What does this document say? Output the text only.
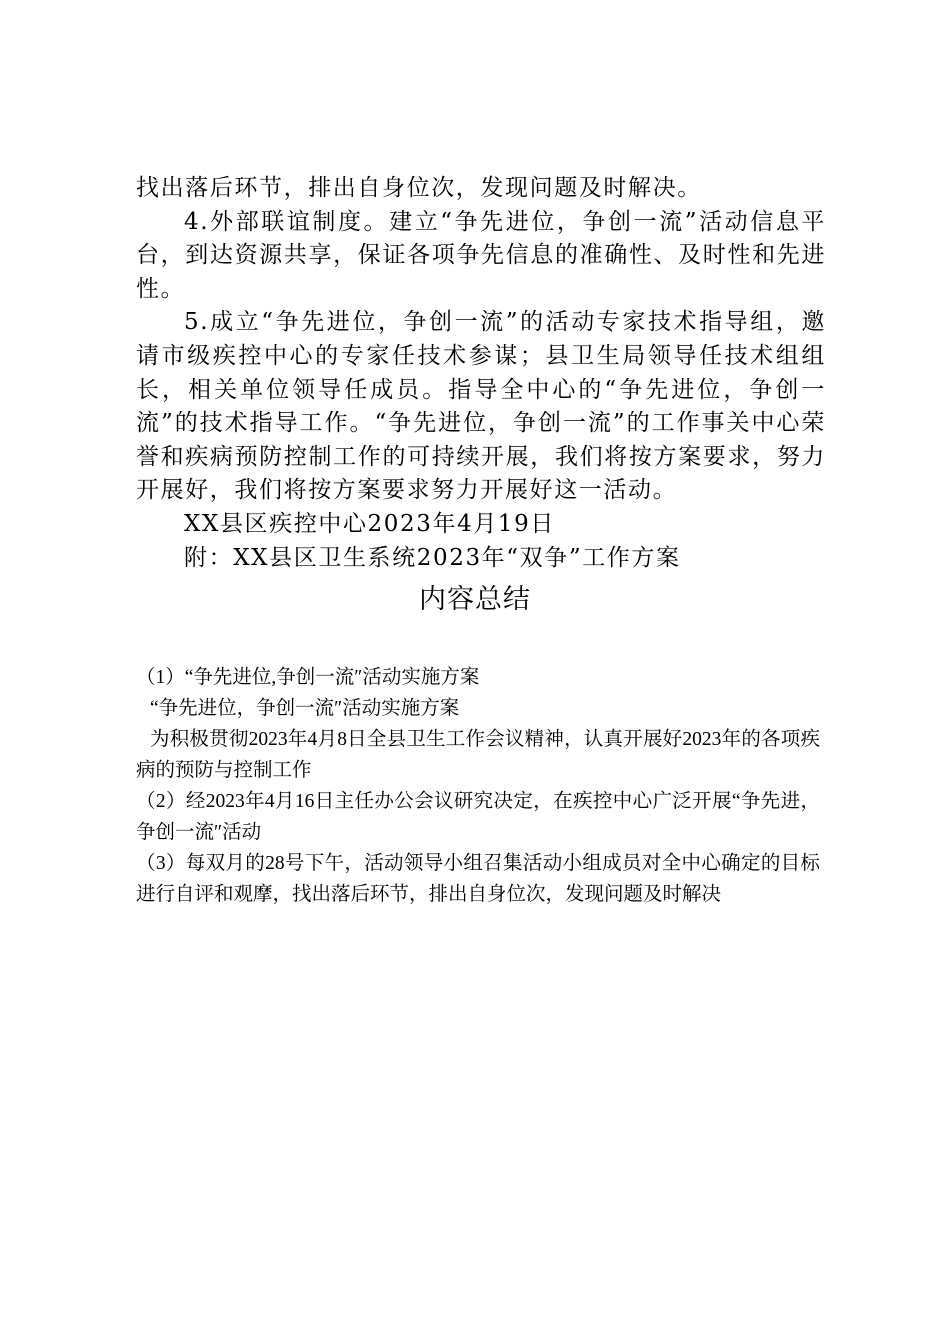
找出落后环节，排出自身位次，发现问题及时解决。

4.外部联谊制度。建立“争先进位，争创一流”活动信息平台，到达资源共享，保证各项争先信息的准确性、及时性和先进性。

5.成立“争先进位，争创一流”的活动专家技术指导组，邀请市级疾控中心的专家任技术参谋；县卫生局领导任技术组组长，相关单位领导任成员。指导全中心的“争先进位，争创一流”的技术指导工作。“争先进位，争创一流”的工作事关中心荣誉和疾病预防控制工作的可持续开展，我们将按方案要求，努力开展好，我们将按方案要求努力开展好这一活动。

XX县区疾控中心2023年4月19日

附：XX县区卫生系统2023年“双争”工作方案

内容总结

（1）“争先进位,争创一流″活动实施方案

“争先进位，争创一流″活动实施方案

为积极贯彻2023年4月8日全县卫生工作会议精神，认真开展好2023年的各项疾病的预防与控制工作

（2）经2023年4月16日主任办公会议研究决定，在疾控中心广泛开展“争先进，争创一流″活动

（3）每双月的28号下午，活动领导小组召集活动小组成员对全中心确定的目标进行自评和观摩，找出落后环节，排出自身位次，发现问题及时解决
